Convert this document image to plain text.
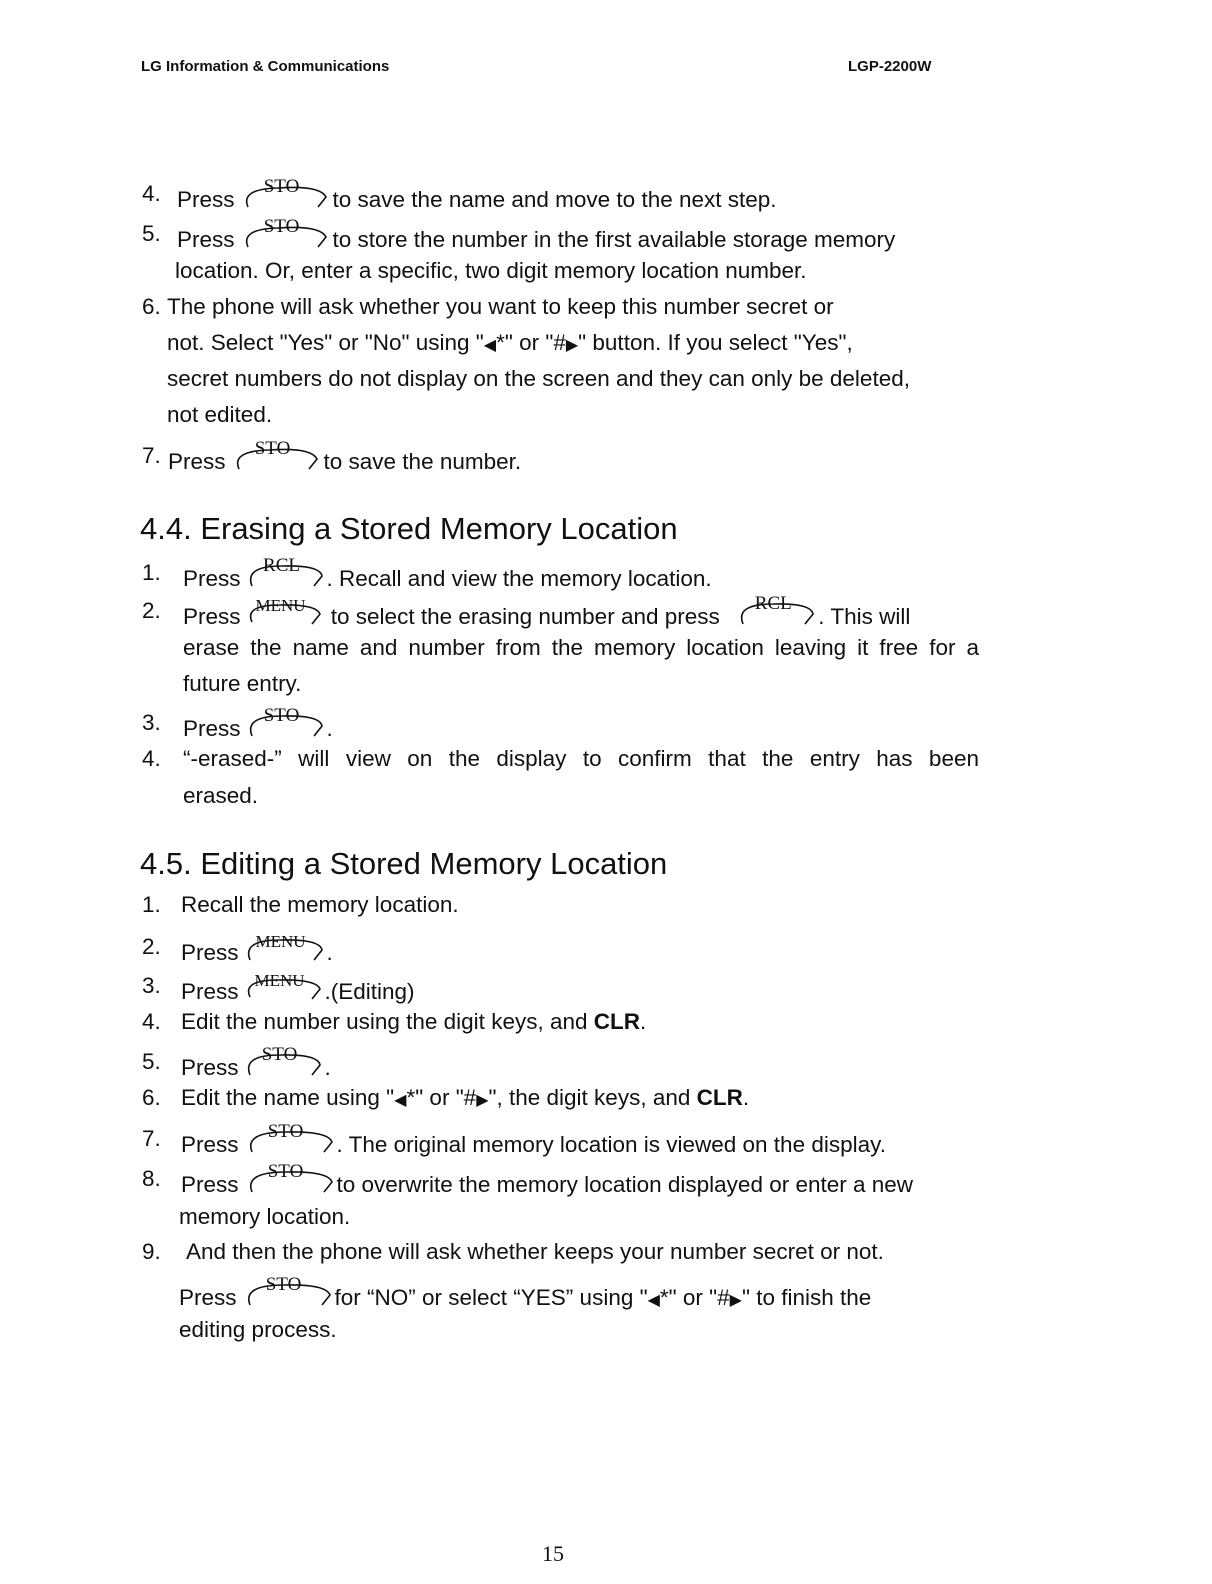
LG Information & Communications	LGP-2200W
4. Press
STO
to save the name and move to the next step.
5. Press
STO
to store the number in the first available storage memory
location. Or, enter a specific, two digit memory location number.
6. The phone will ask whether you want to keep this number secret or
not. Select "Yes" or "No" using "◀*" or "#▶" button. If you select "Yes",
secret numbers do not display on the screen and they can only be deleted,
not edited.
7. Press
STO
to save the number.
4.4. Erasing a Stored Memory Location
1. Press
RCL
. Recall and view the memory location.
2. Press MENU	to select the erasing number and press
RCL
. This will
erase the name and number from the memory location leaving it free for a
future entry.
3. Press
STO
.
4. “-erased-” will view on the display to confirm that the entry has been
erased.
4.5. Editing a Stored Memory Location
1. Recall the memory location.
2. Press MENU .
3. Press MENU .(Editing)
4. Edit the number using the digit keys, and CLR.
5. Press
STO
.
6. Edit the name using "◀*" or "#▶", the digit keys, and CLR.
7. Press
STO
. The original memory location is viewed on the display.
8. Press
STO
to overwrite the memory location displayed or enter a new
memory location.
9. And then the phone will ask whether keeps your number secret or not.
Press
STO
for “NO” or select “YES” using "◀*" or "#▶" to finish the
editing process.
15
